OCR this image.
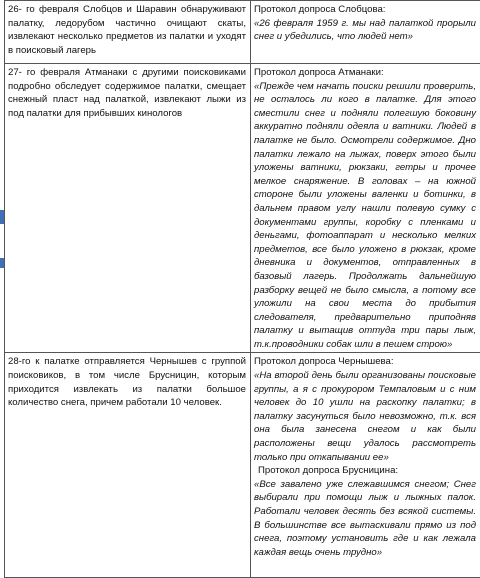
26- го февраля Слобцов и Шаравин обнаруживают палатку, ледорубом частично очищают скаты, извлекают несколько предметов из палатки и уходят в поисковый лагерь	Протокол допроса Слобцова:
«26 февраля 1959 г. мы над палаткой прорыли снег и убедились, что людей нет»

27- го февраля Атманаки с другими поисковиками подробно обследует содержимое палатки, смещает снежный пласт над палаткой, извлекают лыжи из под палатки для прибывших кинологов	Протокол допроса Атманаки:
«Прежде чем начать поиски решили проверить, не осталось ли кого в палатке. Для этого сместили снег и подняли полегшую боковину аккуратно подняли одеяла и ватники. Людей в палатке не было. Осмотрели содержимое. Дно палатки лежало на лыжах, поверх этого были уложены ватники, рюкзаки, гетры и прочее мелкое снаряжение. В головах – на южной стороне были уложены валенки и ботинки, в дальнем правом углу нашли полевую сумку с документами группы, коробку с пленками и деньгами, фотоаппарат и несколько мелких предметов, все было уложено в рюкзак, кроме дневника и документов, отправленных в базовый лагерь. Продолжать дальнейшую разборку вещей не было смысла, а потому все уложили на свои места до прибытия следователя, предварительно приподняв палатку и вытащив оттуда три пары лыж, т.к.проводники собак шли в пешем строю»

28-го к палатке отправляется Чернышев с группой поисковиков, в том числе Брусницин, которым приходится извлекать из палатки большое количество снега, причем работали 10 человек.	Протокол допроса Чернышева:
«На второй день были организованы поисковые группы, а я с прокурором Темпаловым и с ним человек до 10 ушли на раскопку палатки; в палатку засунуться было невозможно, т.к. вся она была занесена снегом и как были расположены вещи удалось рассмотреть только при откапывании ее»
Протокол допроса Брусницина:
«Все завалено уже слежавшимся снегом; Снег выбирали при помощи лыж и лыжных палок. Работали человек десять без всякой системы. В большинстве все вытаскивали прямо из под снега, поэтому установить где и как лежала каждая вещь очень трудно»
